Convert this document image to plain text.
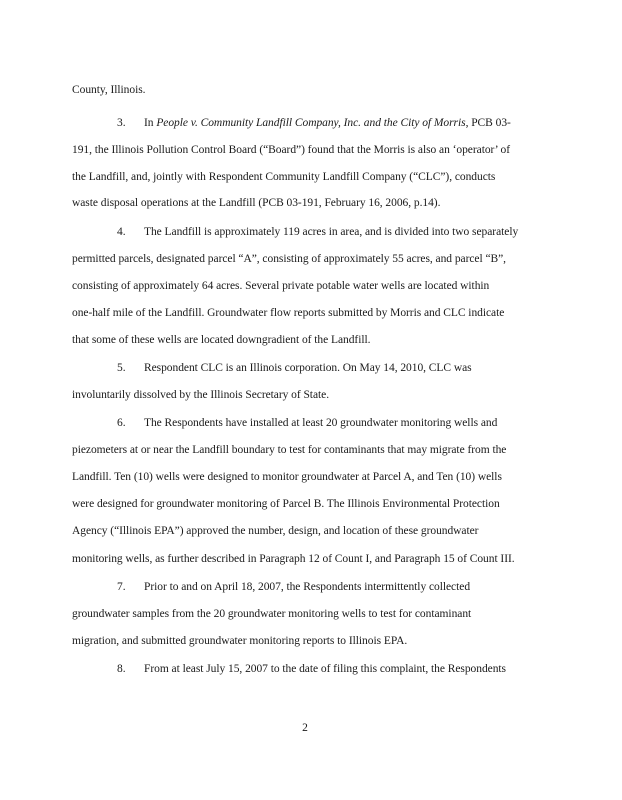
County, Illinois.
3. In People v. Community Landfill Company, Inc. and the City of Morris, PCB 03-
191, the Illinois Pollution Control Board (“Board”) found that the Morris is also an ‘operator’ of
the Landfill, and, jointly with Respondent Community Landfill Company (“CLC”), conducts
waste disposal operations at the Landfill (PCB 03-191, February 16, 2006, p.14).
4. The Landfill is approximately 119 acres in area, and is divided into two separately
permitted parcels, designated parcel “A”, consisting of approximately 55 acres, and parcel “B”,
consisting of approximately 64 acres. Several private potable water wells are located within
one-half mile of the Landfill. Groundwater flow reports submitted by Morris and CLC indicate
that some of these wells are located downgradient of the Landfill.
5. Respondent CLC is an Illinois corporation. On May 14, 2010, CLC was
involuntarily dissolved by the Illinois Secretary of State.
6. The Respondents have installed at least 20 groundwater monitoring wells and
piezometers at or near the Landfill boundary to test for contaminants that may migrate from the
Landfill. Ten (10) wells were designed to monitor groundwater at Parcel A, and Ten (10) wells
were designed for groundwater monitoring of Parcel B. The Illinois Environmental Protection
Agency (“Illinois EPA”) approved the number, design, and location of these groundwater
monitoring wells, as further described in Paragraph 12 of Count I, and Paragraph 15 of Count III.
7. Prior to and on April 18, 2007, the Respondents intermittently collected
groundwater samples from the 20 groundwater monitoring wells to test for contaminant
migration, and submitted groundwater monitoring reports to Illinois EPA.
8. From at least July 15, 2007 to the date of filing this complaint, the Respondents
2
